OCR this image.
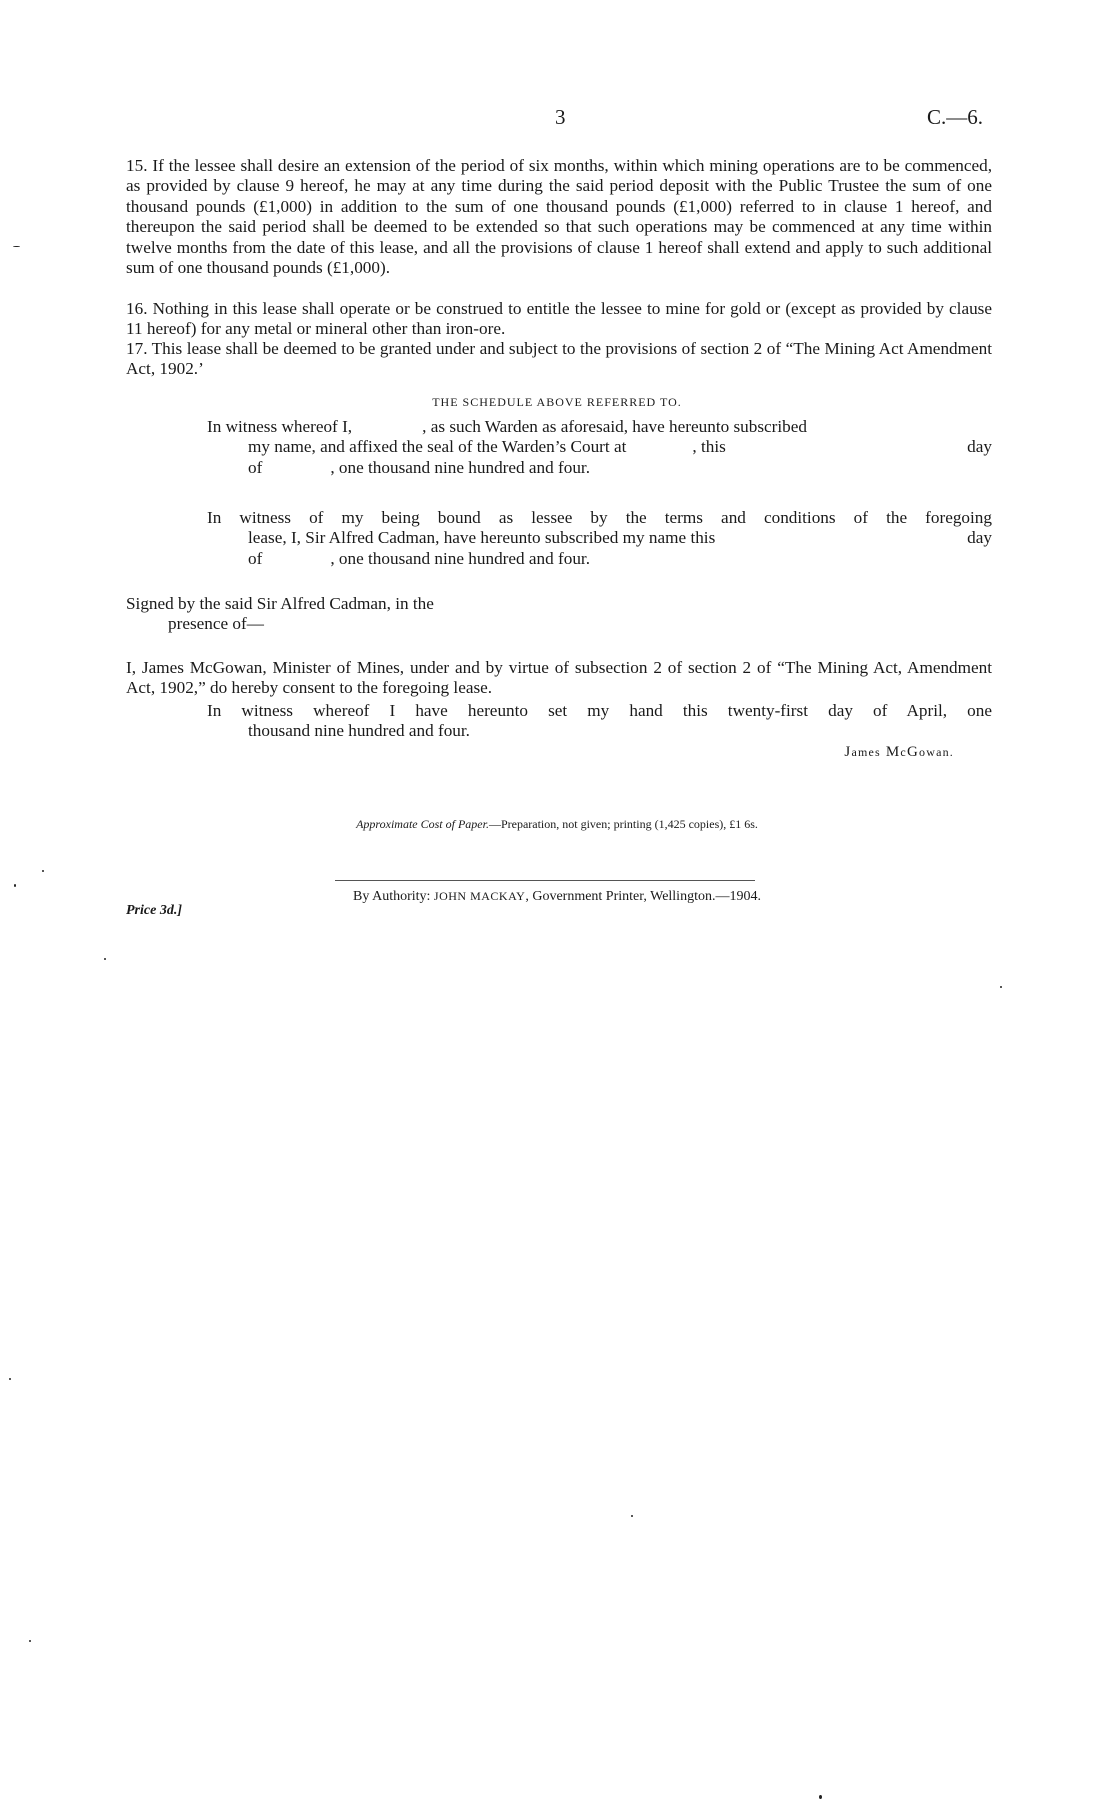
3	C.—6.

15. If the lessee shall desire an extension of the period of six months, within which mining operations are to be commenced, as provided by clause 9 hereof, he may at any time during the said period deposit with the Public Trustee the sum of one thousand pounds (£1,000) in addition to the sum of one thousand pounds (£1,000) referred to in clause 1 hereof, and thereupon the said period shall be deemed to be extended so that such operations may be commenced at any time within twelve months from the date of this lease, and all the provisions of clause 1 hereof shall extend and apply to such additional sum of one thousand pounds (£1,000).

16. Nothing in this lease shall operate or be construed to entitle the lessee to mine for gold or (except as provided by clause 11 hereof) for any metal or mineral other than iron-ore.

17. This lease shall be deemed to be granted under and subject to the provisions of section 2 of “The Mining Act Amendment Act, 1902.’

THE SCHEDULE ABOVE REFERRED TO.
In witness whereof I,	, as such Warden as aforesaid, have hereunto subscribed
my name, and affixed the seal of the Warden’s Court at	, this	day
of	, one thousand nine hundred and four.
In witness of my being bound as lessee by the terms and conditions of the foregoing
lease, I, Sir Alfred Cadman, have hereunto subscribed my name this	day
of	, one thousand nine hundred and four.
Signed by the said Sir Alfred Cadman, in the
presence of—

I, James McGowan, Minister of Mines, under and by virtue of subsection 2 of section 2 of “The Mining Act, Amendment Act, 1902,” do hereby consent to the foregoing lease.

In witness whereof I have hereunto set my hand this twenty-first day of April, one
thousand nine hundred and four.
James McGowan.
Approximate Cost of Paper.—Preparation, not given; printing (1,425 copies), £1 6s.
By Authority: JOHN MACKAY, Government Printer, Wellington.—1904.
Price 3d.]
